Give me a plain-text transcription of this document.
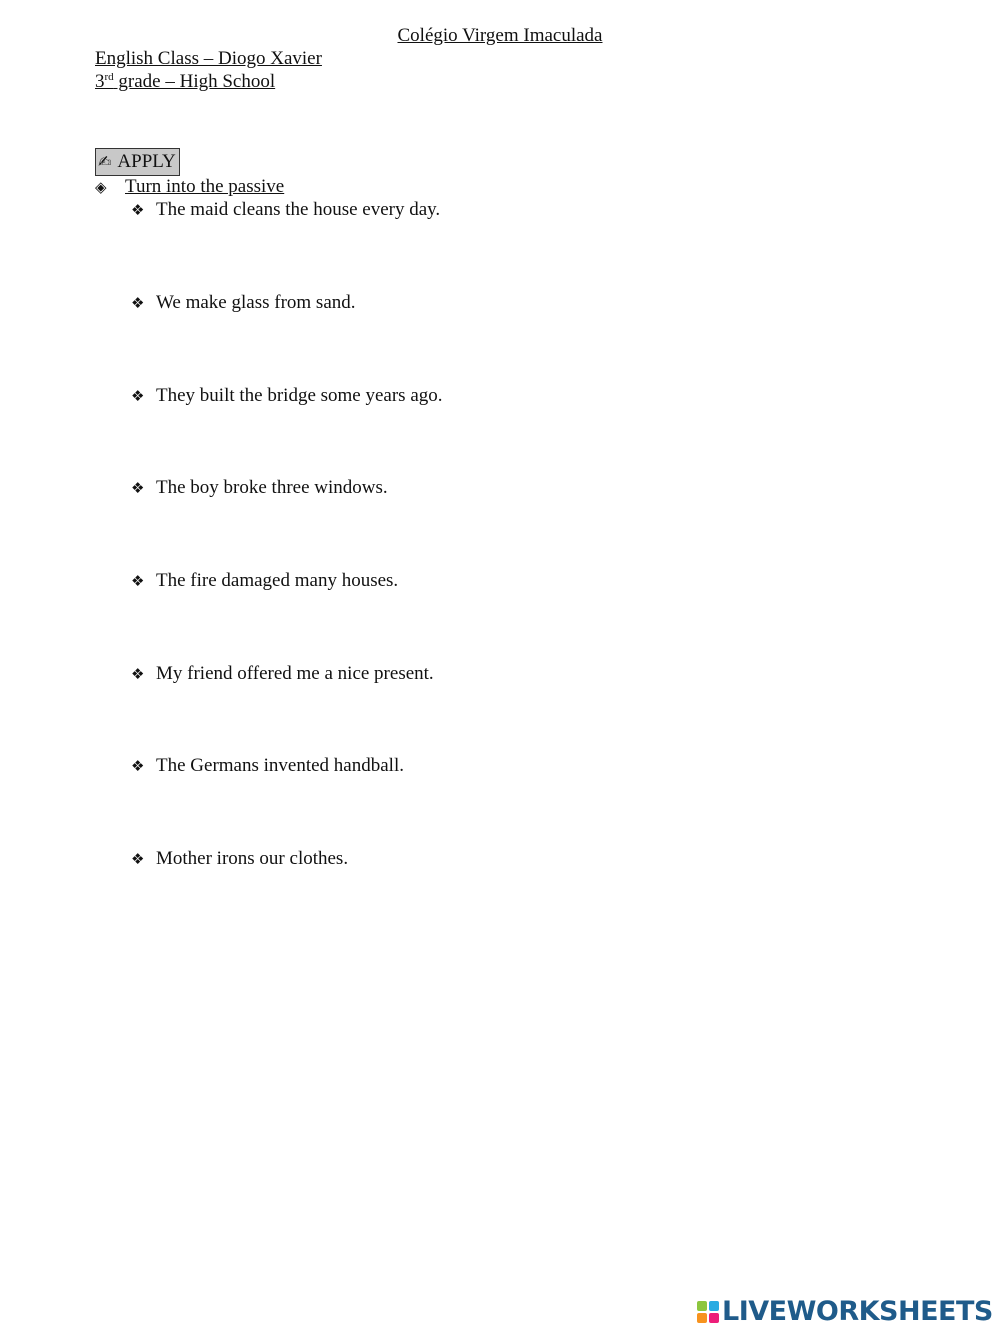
Colégio Virgem Imaculada
English Class – Diogo Xavier
3rd grade – High School
✍ APPLY
◈ Turn into the passive
❖ The maid cleans the house every day.
❖ We make glass from sand.
❖ They built the bridge some years ago.
❖ The boy broke three windows.
❖ The fire damaged many houses.
❖ My friend offered me a nice present.
❖ The Germans invented handball.
❖ Mother irons our clothes.
LIVEWORKSHEETS
